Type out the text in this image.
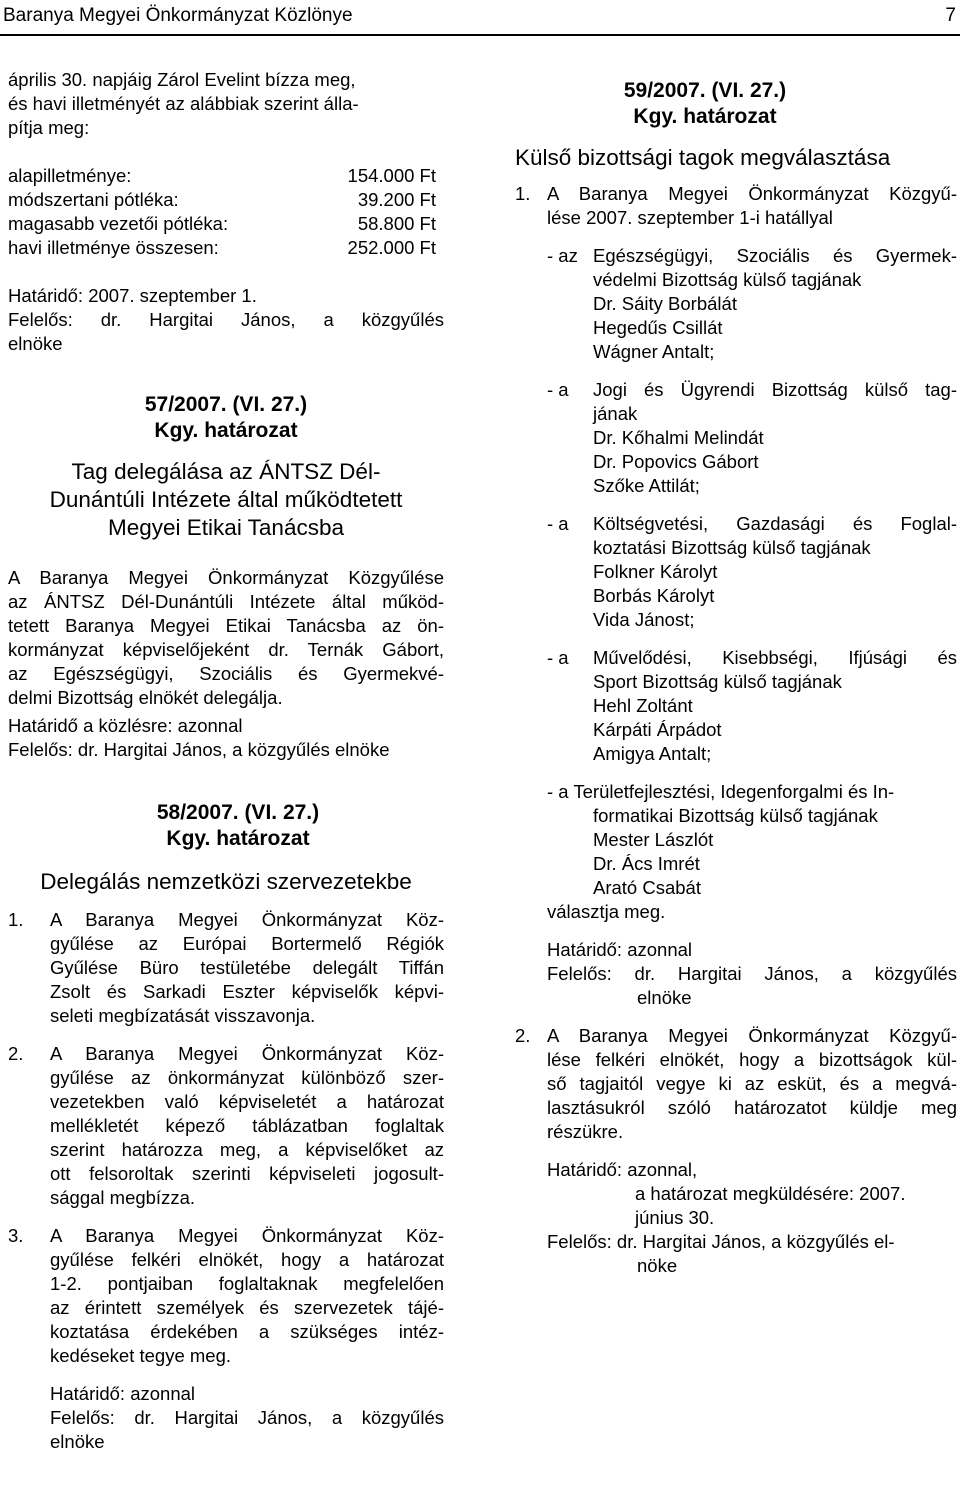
Baranya Megyei Önkormányzat Közlönye	7

április 30. napjáig Zárol Evelint bízza meg,

és havi illetményét az alábbiak szerint álla-

pítja meg:

alapilletménye:	154.000 Ft
módszertani pótléka:	39.200 Ft
magasabb vezetői pótléka:	58.800 Ft
havi illetménye összesen:	252.000 Ft

Határidő: 2007. szeptember 1.

Felelős: dr. Hargitai János, a közgyűlés

elnöke

57/2007. (VI. 27.)

Kgy. határozat

Tag delegálása az ÁNTSZ Dél-

Dunántúli Intézete által működtetett

Megyei Etikai Tanácsba

A Baranya Megyei Önkormányzat Közgyűlése

az ÁNTSZ Dél-Dunántúli Intézete által működ-

tetett Baranya Megyei Etikai Tanácsba az ön-

kormányzat képviselőjeként dr. Ternák Gábort,

az Egészségügyi, Szociális és Gyermekvé-

delmi Bizottság elnökét delegálja.

Határidő a közlésre: azonnal

Felelős: dr. Hargitai János, a közgyűlés elnöke

58/2007. (VI. 27.)

Kgy. határozat

Delegálás nemzetközi szervezetekbe

1.	A Baranya Megyei Önkormányzat Köz-

gyűlése az Európai Bortermelő Régiók

Gyűlése Büro testületébe delegált Tiffán

Zsolt és Sarkadi Eszter képviselők képvi-

seleti megbízatását visszavonja.

2.	A Baranya Megyei Önkormányzat Köz-

gyűlése az önkormányzat különböző szer-

vezetekben való képviseletét a határozat

mellékletét képező táblázatban foglaltak

szerint határozza meg, a képviselőket az

ott felsoroltak szerinti képviseleti jogosult-

sággal megbízza.

3.	A Baranya Megyei Önkormányzat Köz-

gyűlése felkéri elnökét, hogy a határozat

1-2. pontjaiban foglaltaknak megfelelően

az érintett személyek és szervezetek tájé-

koztatása érdekében a szükséges intéz-

kedéseket tegye meg.

Határidő: azonnal

Felelős: dr. Hargitai János, a közgyűlés

elnöke

59/2007. (VI. 27.)

Kgy. határozat

Külső bizottsági tagok megválasztása

1. A Baranya Megyei Önkormányzat Közgyű-

lése 2007. szeptember 1-i hatállyal

- az Egészségügyi, Szociális és Gyermek-

védelmi Bizottság külső tagjának

Dr. Sáity Borbálát

Hegedűs Csillát

Wágner Antalt;

- a	Jogi és Ügyrendi Bizottság külső tag-

jának

Dr. Kőhalmi Melindát

Dr. Popovics Gábort

Szőke Attilát;

- a	Költségvetési, Gazdasági és Foglal-

koztatási Bizottság külső tagjának

Folkner Károlyt

Borbás Károlyt

Vida Jánost;

- a	Művelődési, Kisebbségi, Ifjúsági és

Sport Bizottság külső tagjának

Hehl Zoltánt

Kárpáti Árpádot

Amigya Antalt;

- a Területfejlesztési, Idegenforgalmi és In-

formatikai Bizottság külső tagjának

Mester Lászlót

Dr. Ács Imrét

Arató Csabát

választja meg.

Határidő: azonnal

Felelős: dr. Hargitai János, a közgyűlés

elnöke

2. A Baranya Megyei Önkormányzat Közgyű-

lése felkéri elnökét, hogy a bizottságok kül-

ső tagjaitól vegye ki az esküt, és a megvá-

lasztásukról szóló határozatot küldje meg

részükre.

Határidő: azonnal,

a határozat megküldésére: 2007.

június 30.

Felelős: dr. Hargitai János, a közgyűlés el-

nöke
